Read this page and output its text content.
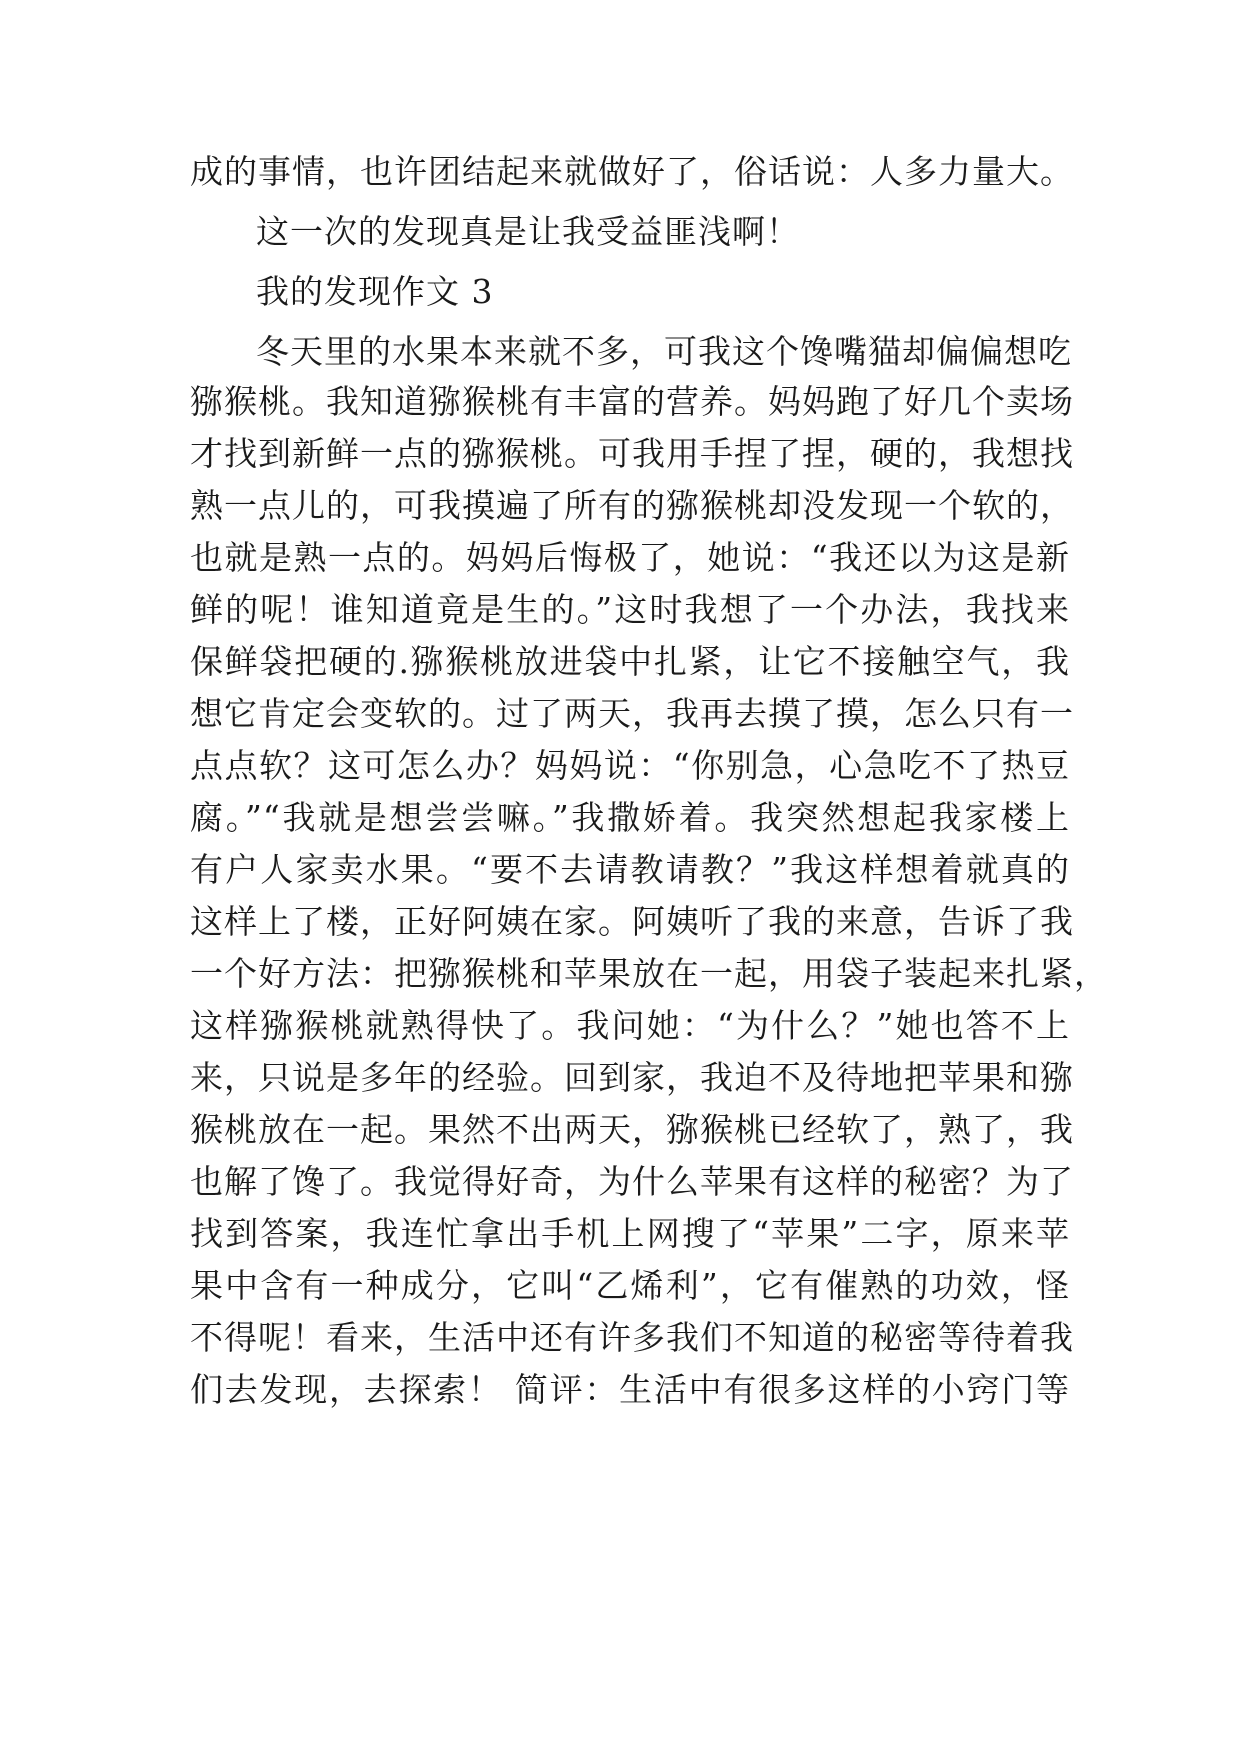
成的事情，也许团结起来就做好了，俗话说：人多力量大。
这一次的发现真是让我受益匪浅啊！
我的发现作文 3
冬天里的水果本来就不多，可我这个馋嘴猫却偏偏想吃
猕猴桃。我知道猕猴桃有丰富的营养。妈妈跑了好几个卖场
才找到新鲜一点的猕猴桃。可我用手捏了捏，硬的，我想找
熟一点儿的，可我摸遍了所有的猕猴桃却没发现一个软的，
也就是熟一点的。妈妈后悔极了，她说：“我还以为这是新
鲜的呢！谁知道竟是生的。”这时我想了一个办法，我找来
保鲜袋把硬的.猕猴桃放进袋中扎紧，让它不接触空气，我
想它肯定会变软的。过了两天，我再去摸了摸，怎么只有一
点点软？这可怎么办？妈妈说：“你别急，心急吃不了热豆
腐。”“我就是想尝尝嘛。”我撒娇着。我突然想起我家楼上
有户人家卖水果。“要不去请教请教？”我这样想着就真的
这样上了楼，正好阿姨在家。阿姨听了我的来意，告诉了我
一个好方法：把猕猴桃和苹果放在一起，用袋子装起来扎紧，
这样猕猴桃就熟得快了。我问她：“为什么？”她也答不上
来，只说是多年的经验。回到家，我迫不及待地把苹果和猕
猴桃放在一起。果然不出两天，猕猴桃已经软了，熟了，我
也解了馋了。我觉得好奇，为什么苹果有这样的秘密？为了
找到答案，我连忙拿出手机上网搜了“苹果”二字，原来苹
果中含有一种成分，它叫“乙烯利”，它有催熟的功效，怪
不得呢！看来，生活中还有许多我们不知道的秘密等待着我
们去发现，去探索！ 简评：生活中有很多这样的小窍门等
